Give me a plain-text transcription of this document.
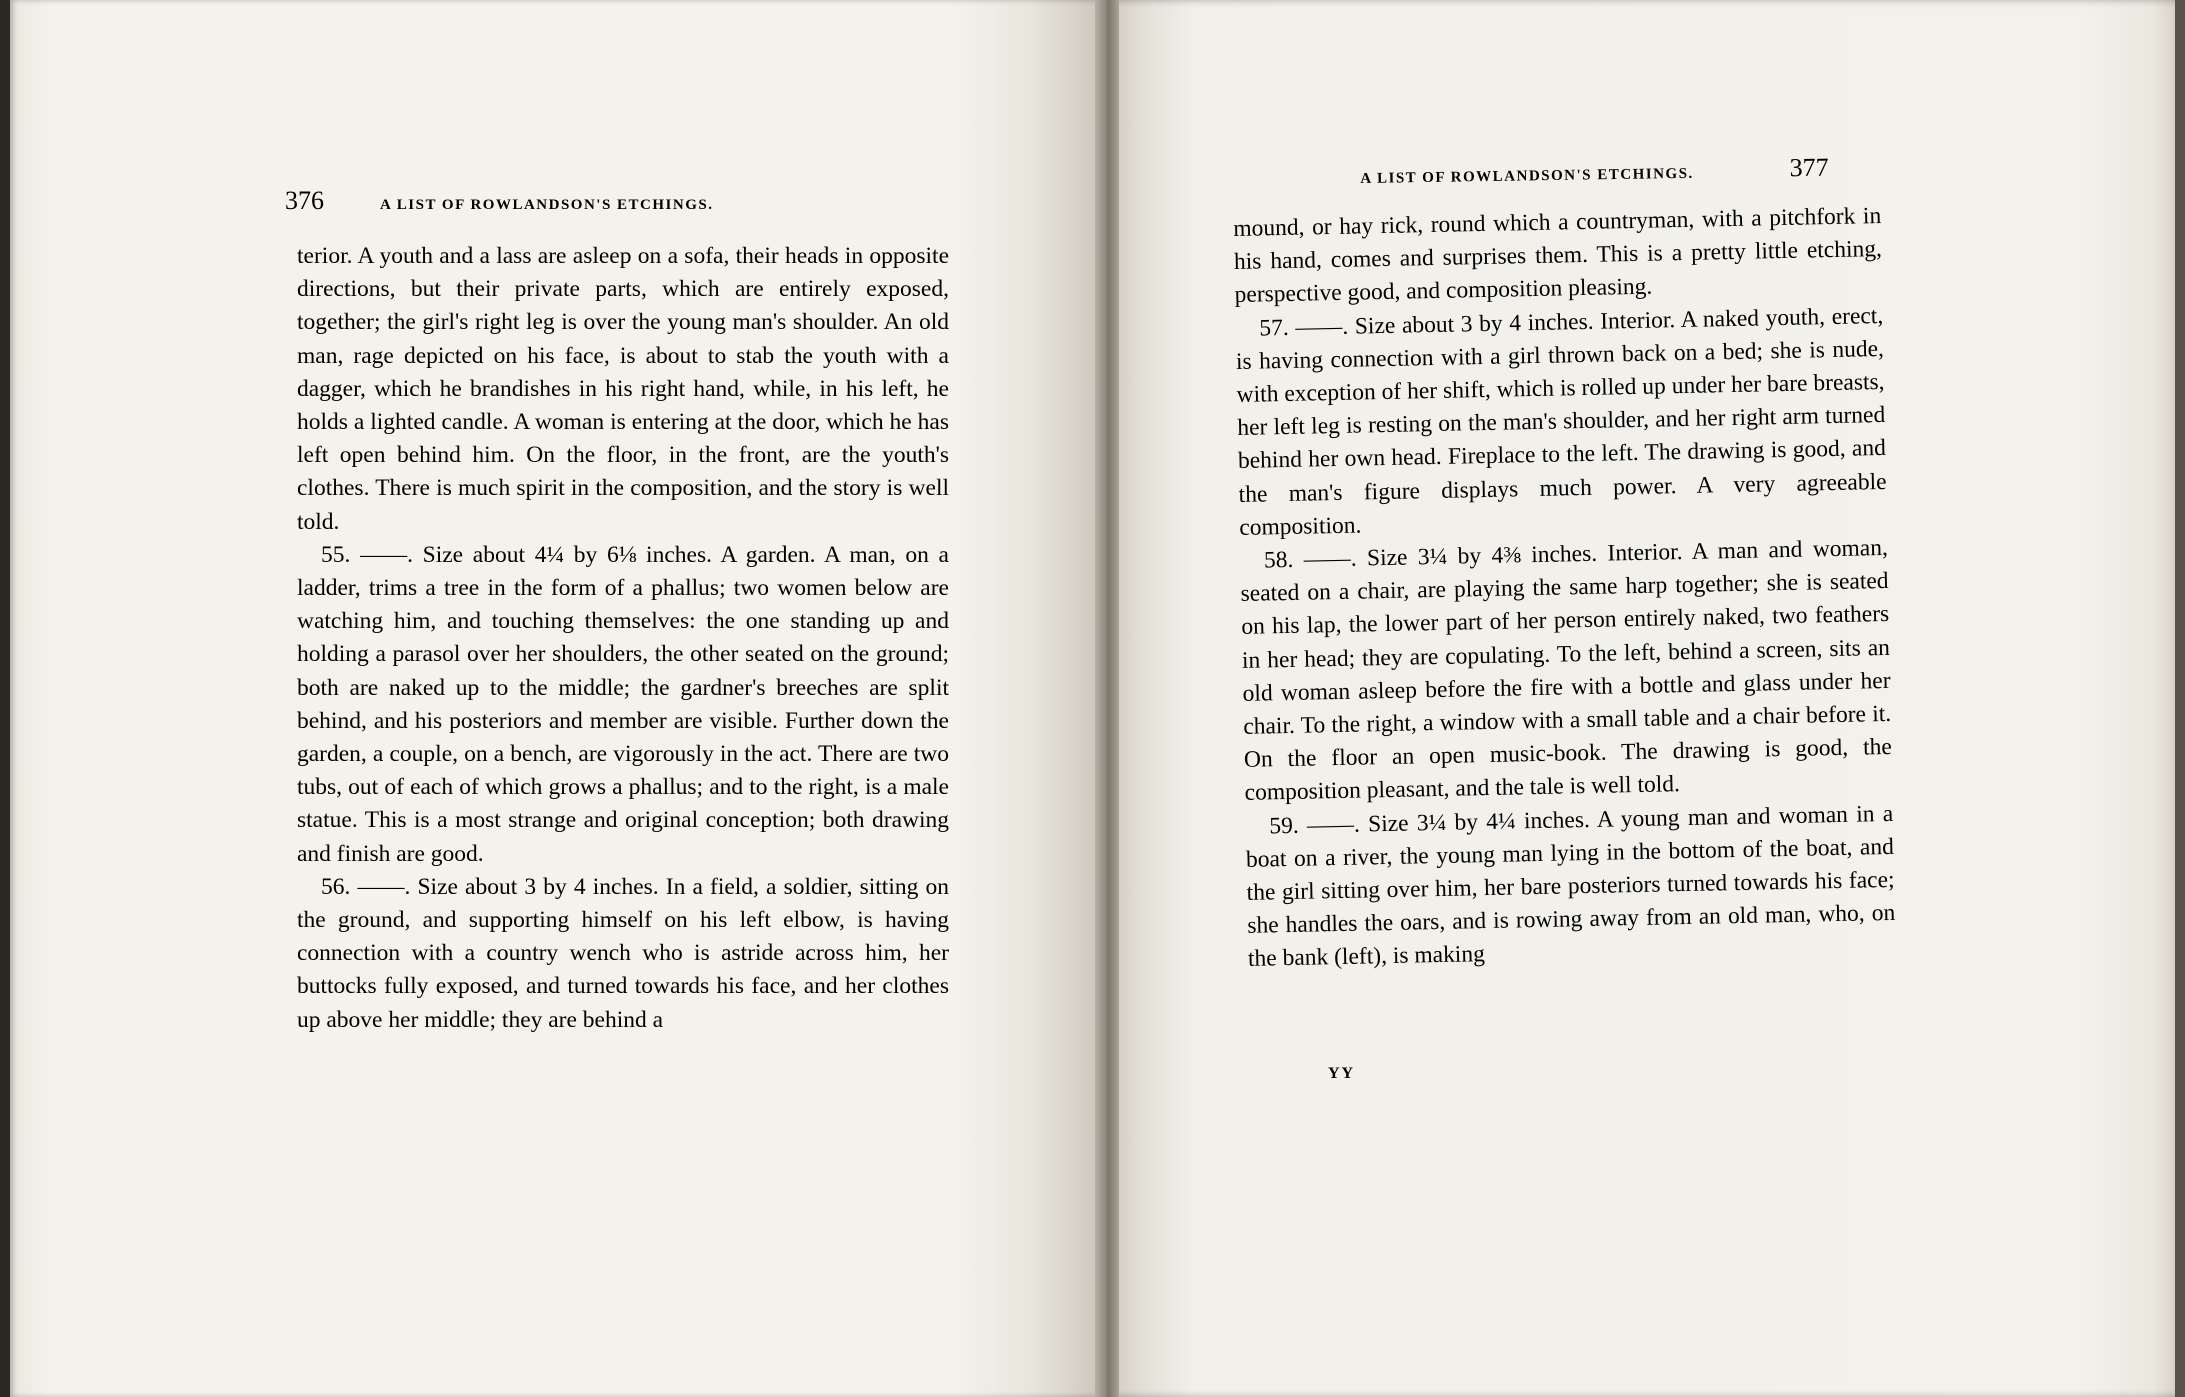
376	A LIST OF ROWLANDSON'S ETCHINGS.

terior. A youth and a lass are asleep on a sofa, their heads in opposite directions, but their private parts, which are entirely exposed, together; the girl's right leg is over the young man's shoulder. An old man, rage depicted on his face, is about to stab the youth with a dagger, which he brandishes in his right hand, while, in his left, he holds a lighted candle. A woman is entering at the door, which he has left open behind him. On the floor, in the front, are the youth's clothes. There is much spirit in the composition, and the story is well told.

55. ——. Size about 4¼ by 6⅛ inches. A garden. A man, on a ladder, trims a tree in the form of a phallus; two women below are watching him, and touching themselves: the one standing up and holding a parasol over her shoulders, the other seated on the ground; both are naked up to the middle; the gardner's breeches are split behind, and his posteriors and member are visible. Further down the garden, a couple, on a bench, are vigorously in the act. There are two tubs, out of each of which grows a phallus; and to the right, is a male statue. This is a most strange and original conception; both drawing and finish are good.

56. ——. Size about 3 by 4 inches. In a field, a soldier, sitting on the ground, and supporting himself on his left elbow, is having connection with a country wench who is astride across him, her buttocks fully exposed, and turned towards his face, and her clothes up above her middle; they are behind a

A LIST OF ROWLANDSON'S ETCHINGS.	377

mound, or hay rick, round which a countryman, with a pitchfork in his hand, comes and surprises them. This is a pretty little etching, perspective good, and composition pleasing.

57. ——. Size about 3 by 4 inches. Interior. A naked youth, erect, is having connection with a girl thrown back on a bed; she is nude, with exception of her shift, which is rolled up under her bare breasts, her left leg is resting on the man's shoulder, and her right arm turned behind her own head. Fireplace to the left. The drawing is good, and the man's figure displays much power. A very agreeable composition.

58. ——. Size 3¼ by 4⅜ inches. Interior. A man and woman, seated on a chair, are playing the same harp together; she is seated on his lap, the lower part of her person entirely naked, two feathers in her head; they are copulating. To the left, behind a screen, sits an old woman asleep before the fire with a bottle and glass under her chair. To the right, a window with a small table and a chair before it. On the floor an open music-book. The drawing is good, the composition pleasant, and the tale is well told.

59. ——. Size 3¼ by 4¼ inches. A young man and woman in a boat on a river, the young man lying in the bottom of the boat, and the girl sitting over him, her bare posteriors turned towards his face; she handles the oars, and is rowing away from an old man, who, on the bank (left), is making

YY
